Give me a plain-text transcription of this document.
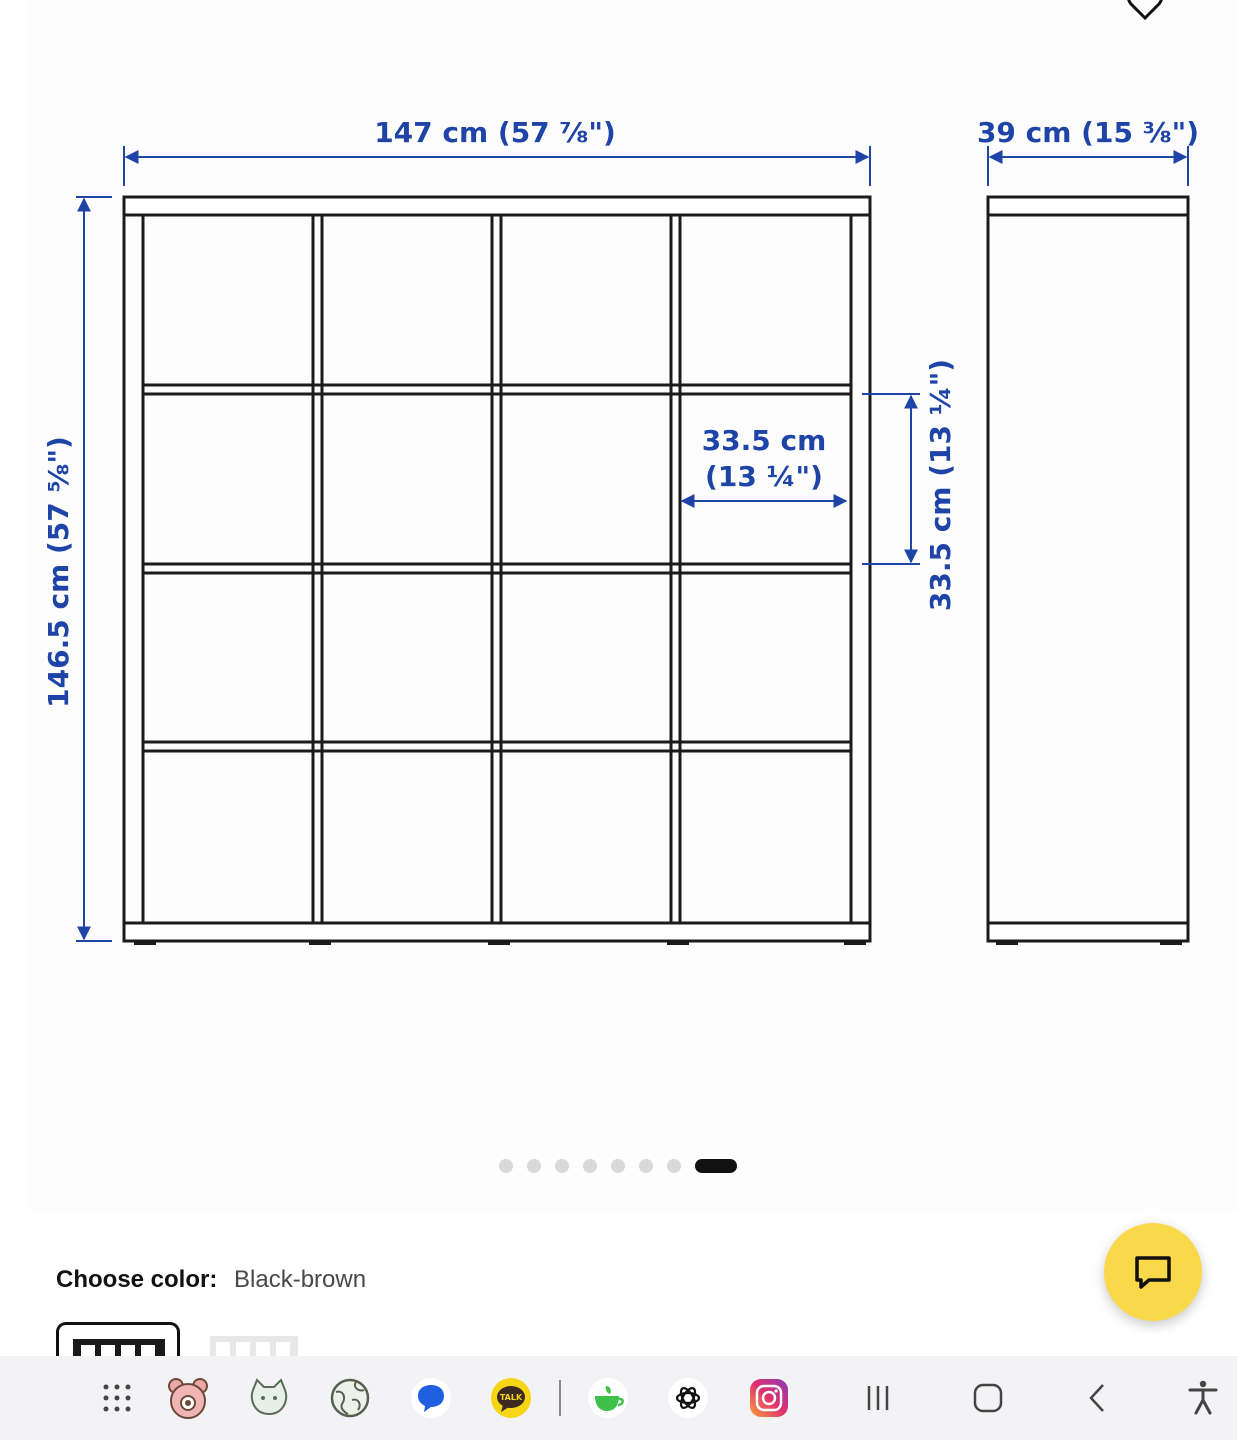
147 cm (57 ⅞")	39 cm (15 ⅜")
146.5 cm (57 ⅝")	33.5 cm
(13 ¼")	33.5 cm (13 ¼")
Choose color: Black-brown
TALK
